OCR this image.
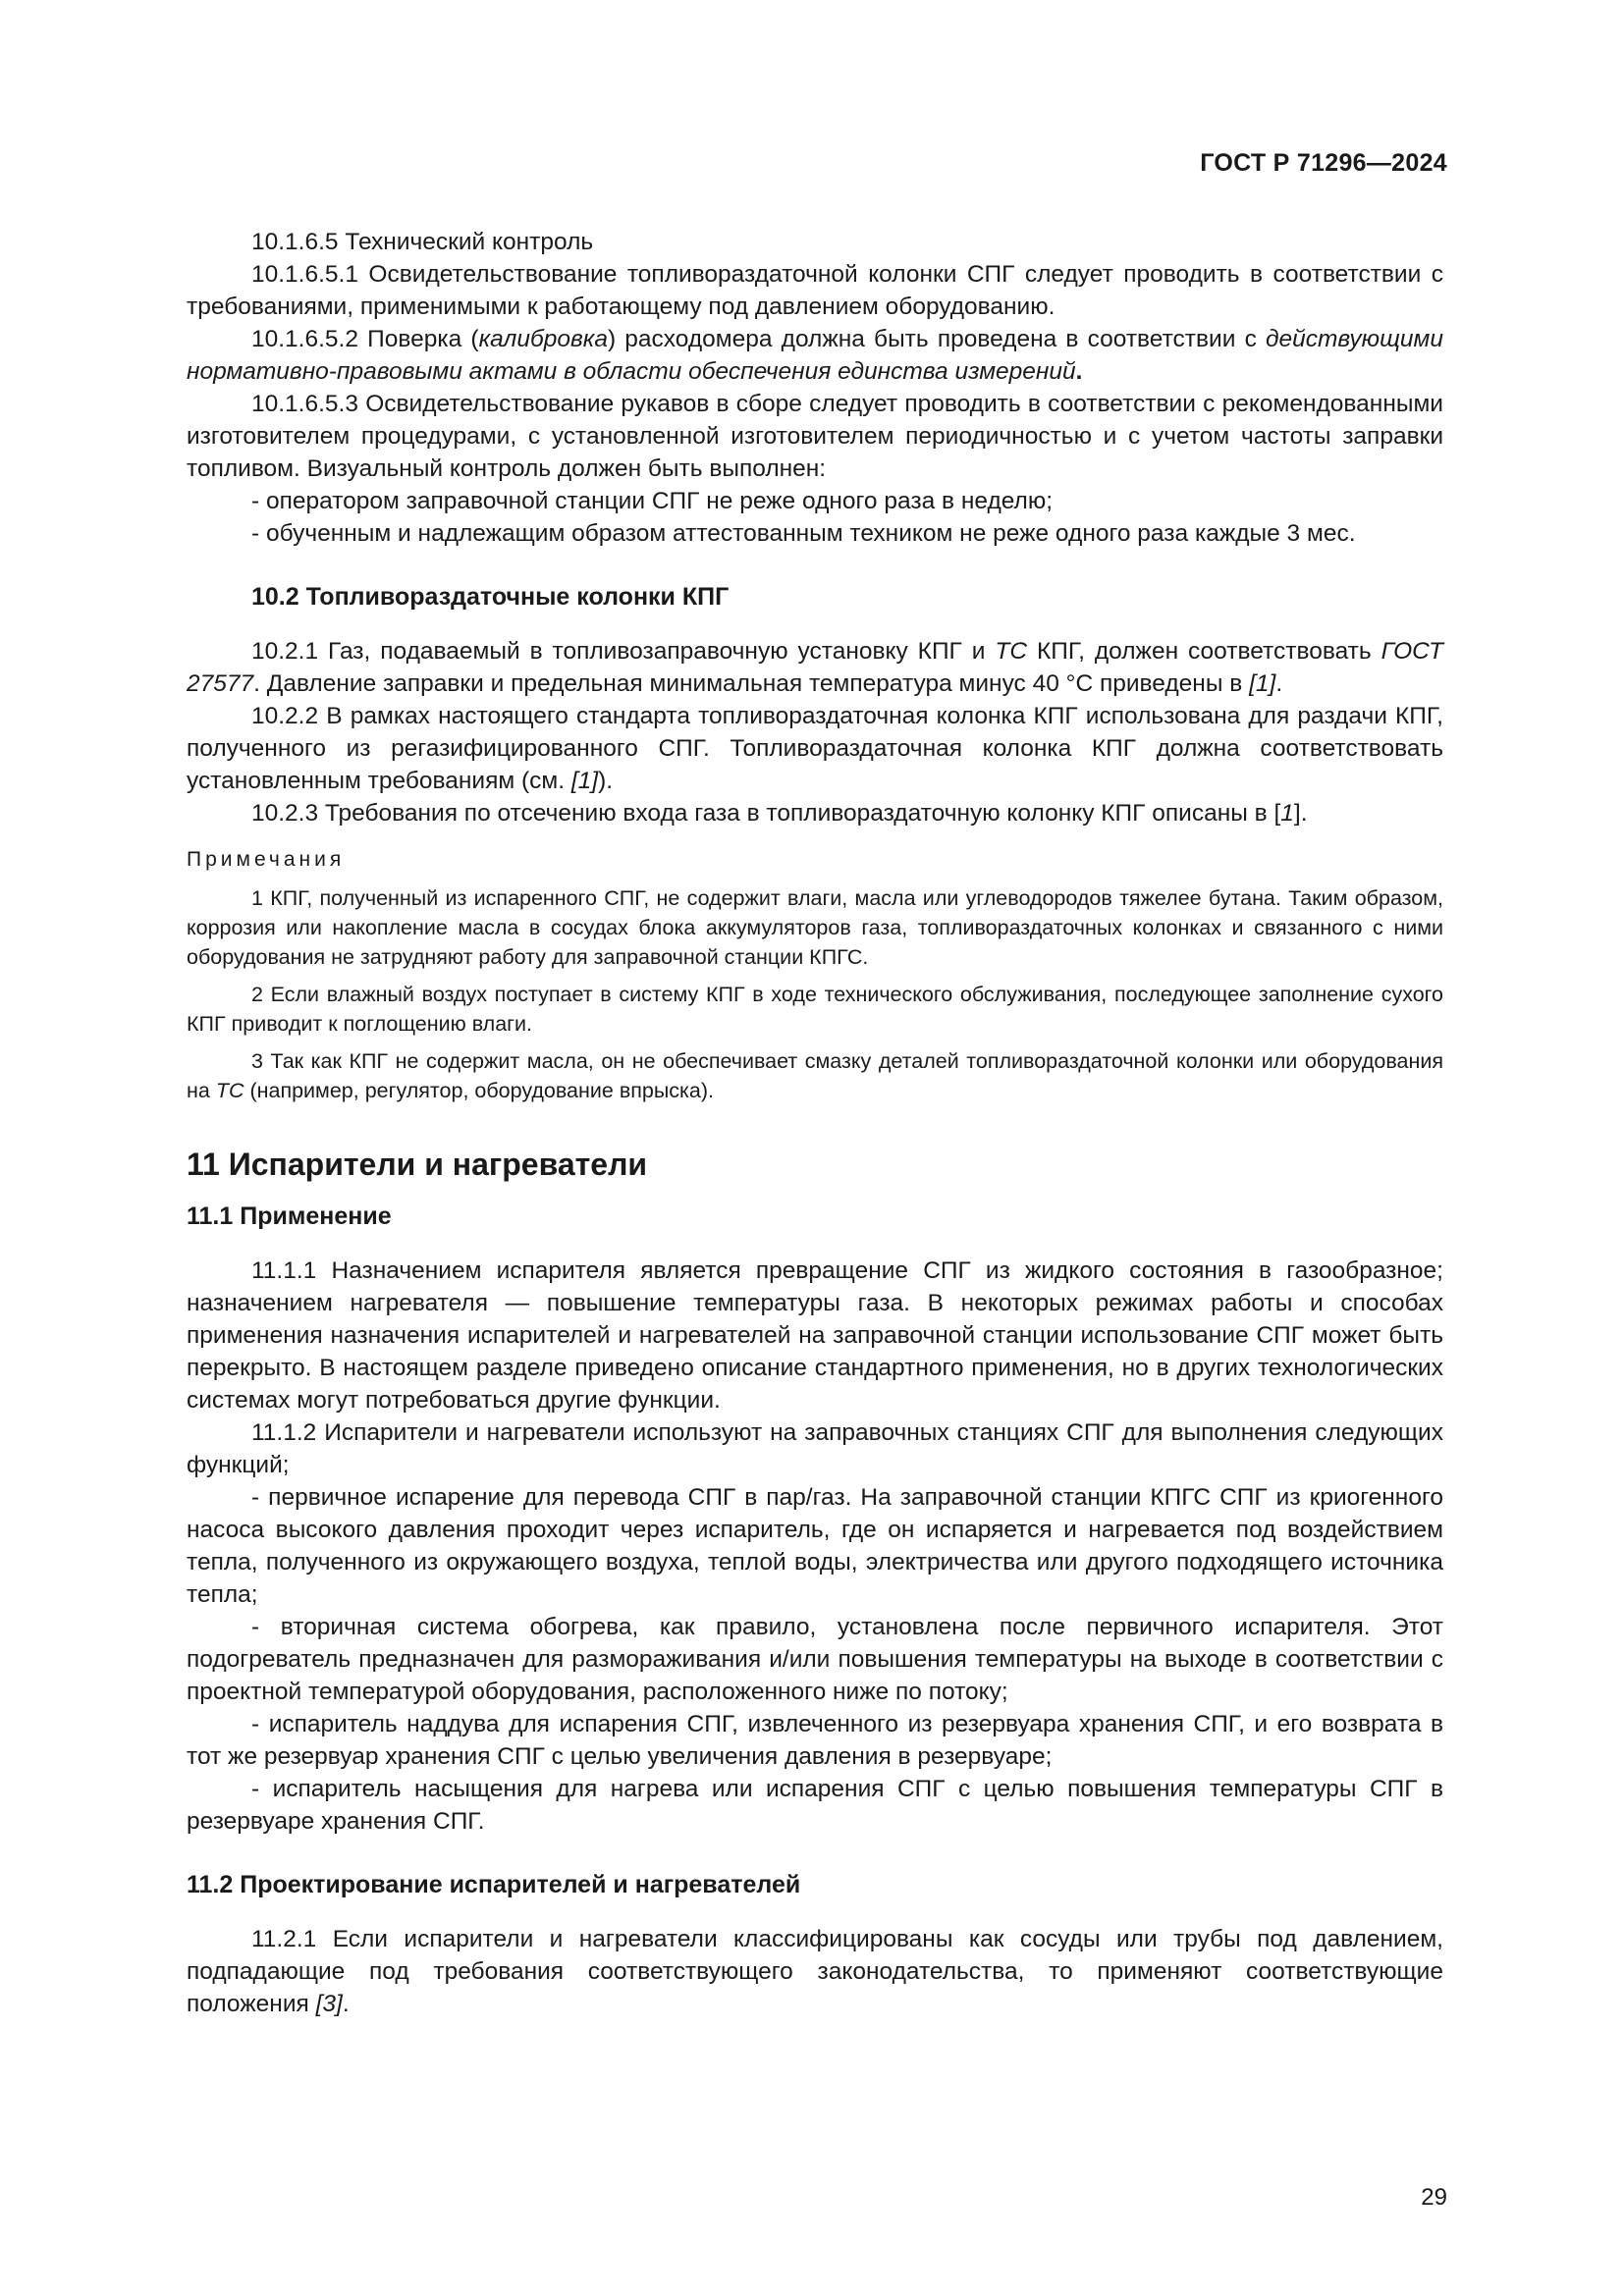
ГОСТ Р 71296—2024

10.1.6.5 Технический контроль

10.1.6.5.1 Освидетельствование топливораздаточной колонки СПГ следует проводить в соответствии с требованиями, применимыми к работающему под давлением оборудованию.

10.1.6.5.2 Поверка (калибровка) расходомера должна быть проведена в соответствии с действующими нормативно-правовыми актами в области обеспечения единства измерений.

10.1.6.5.3 Освидетельствование рукавов в сборе следует проводить в соответствии с рекомендованными изготовителем процедурами, с установленной изготовителем периодичностью и с учетом частоты заправки топливом. Визуальный контроль должен быть выполнен:

- оператором заправочной станции СПГ не реже одного раза в неделю;

- обученным и надлежащим образом аттестованным техником не реже одного раза каждые 3 мес.

10.2 Топливораздаточные колонки КПГ

10.2.1 Газ, подаваемый в топливозаправочную установку КПГ и ТС КПГ, должен соответствовать ГОСТ 27577. Давление заправки и предельная минимальная температура минус 40 °С приведены в [1].

10.2.2 В рамках настоящего стандарта топливораздаточная колонка КПГ использована для раздачи КПГ, полученного из регазифицированного СПГ. Топливораздаточная колонка КПГ должна соответствовать установленным требованиям (см. [1]).

10.2.3 Требования по отсечению входа газа в топливораздаточную колонку КПГ описаны в [1].

Примечания

1 КПГ, полученный из испаренного СПГ, не содержит влаги, масла или углеводородов тяжелее бутана. Таким образом, коррозия или накопление масла в сосудах блока аккумуляторов газа, топливораздаточных колонках и связанного с ними оборудования не затрудняют работу для заправочной станции КПГС.

2 Если влажный воздух поступает в систему КПГ в ходе технического обслуживания, последующее заполнение сухого КПГ приводит к поглощению влаги.

3 Так как КПГ не содержит масла, он не обеспечивает смазку деталей топливораздаточной колонки или оборудования на ТС (например, регулятор, оборудование впрыска).

11 Испарители и нагреватели
11.1 Применение

11.1.1 Назначением испарителя является превращение СПГ из жидкого состояния в газообразное; назначением нагревателя — повышение температуры газа. В некоторых режимах работы и способах применения назначения испарителей и нагревателей на заправочной станции использование СПГ может быть перекрыто. В настоящем разделе приведено описание стандартного применения, но в других технологических системах могут потребоваться другие функции.

11.1.2 Испарители и нагреватели используют на заправочных станциях СПГ для выполнения следующих функций;

- первичное испарение для перевода СПГ в пар/газ. На заправочной станции КПГС СПГ из криогенного насоса высокого давления проходит через испаритель, где он испаряется и нагревается под воздействием тепла, полученного из окружающего воздуха, теплой воды, электричества или другого подходящего источника тепла;

- вторичная система обогрева, как правило, установлена после первичного испарителя. Этот подогреватель предназначен для размораживания и/или повышения температуры на выходе в соответствии с проектной температурой оборудования, расположенного ниже по потоку;

- испаритель наддува для испарения СПГ, извлеченного из резервуара хранения СПГ, и его возврата в тот же резервуар хранения СПГ с целью увеличения давления в резервуаре;

- испаритель насыщения для нагрева или испарения СПГ с целью повышения температуры СПГ в резервуаре хранения СПГ.

11.2 Проектирование испарителей и нагревателей

11.2.1 Если испарители и нагреватели классифицированы как сосуды или трубы под давлением, подпадающие под требования соответствующего законодательства, то применяют соответствующие положения [3].

29
